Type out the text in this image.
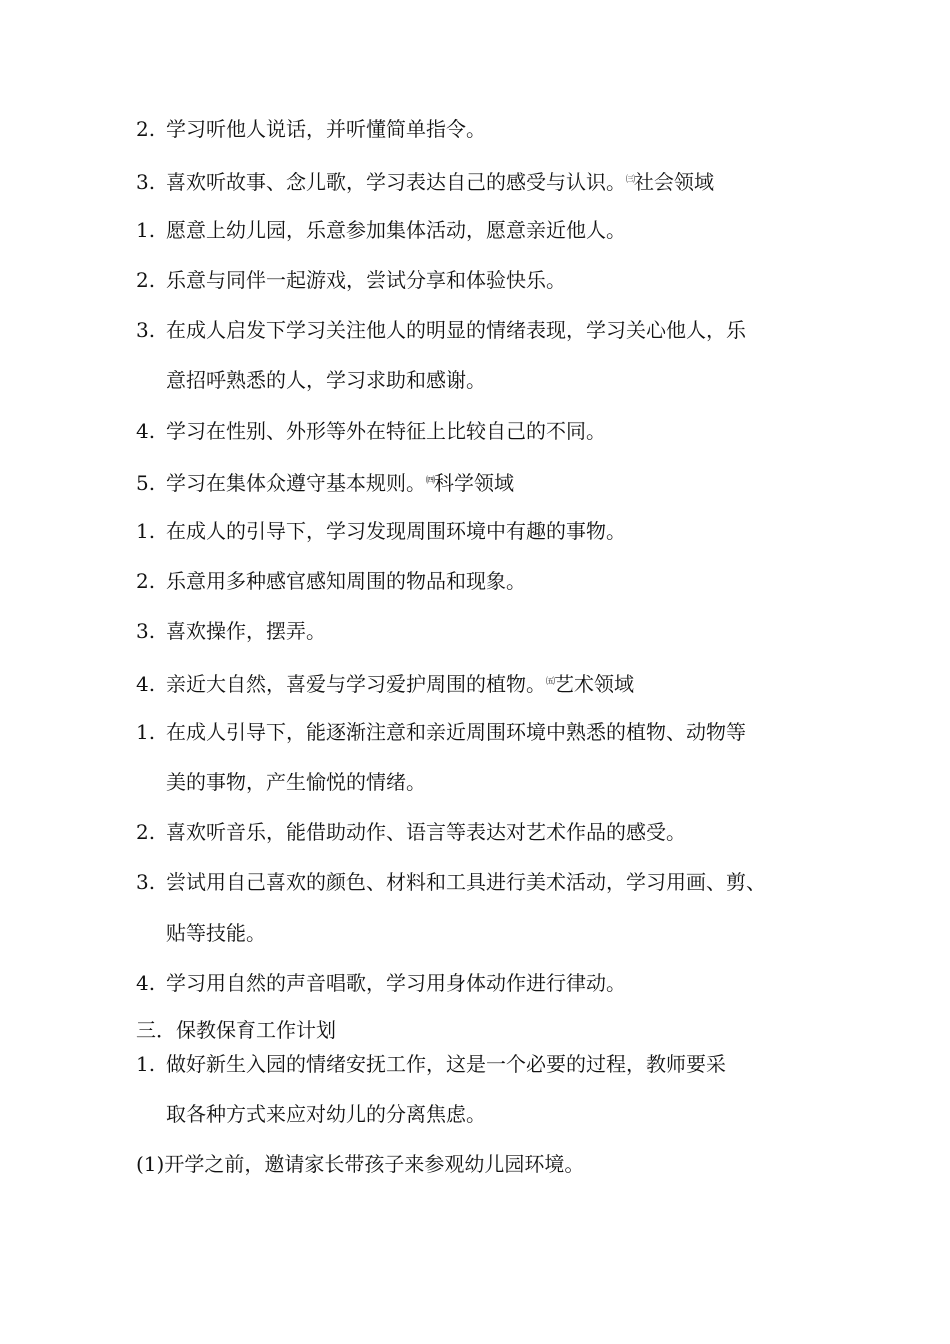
2. 学习听他人说话，并听懂简单指令。
3. 喜欢听故事、念儿歌，学习表达自己的感受与认识。$^㈢$社会领域
1. 愿意上幼儿园，乐意参加集体活动，愿意亲近他人。
2. 乐意与同伴一起游戏，尝试分享和体验快乐。
3. 在成人启发下学习关注他人的明显的情绪表现，学习关心他人，乐
意招呼熟悉的人，学习求助和感谢。
4. 学习在性别、外形等外在特征上比较自己的不同。
5. 学习在集体众遵守基本规则。$^㈣$科学领域
1. 在成人的引导下，学习发现周围环境中有趣的事物。
2. 乐意用多种感官感知周围的物品和现象。
3. 喜欢操作，摆弄。
4. 亲近大自然，喜爱与学习爱护周围的植物。$^㈤$艺术领域
1. 在成人引导下，能逐渐注意和亲近周围环境中熟悉的植物、动物等
美的事物，产生愉悦的情绪。
2. 喜欢听音乐，能借助动作、语言等表达对艺术作品的感受。
3. 尝试用自己喜欢的颜色、材料和工具进行美术活动，学习用画、剪、
贴等技能。
4. 学习用自然的声音唱歌，学习用身体动作进行律动。
三．保教保育工作计划
1. 做好新生入园的情绪安抚工作，这是一个必要的过程，教师要采
取各种方式来应对幼儿的分离焦虑。
(1)开学之前，邀请家长带孩子来参观幼儿园环境。
